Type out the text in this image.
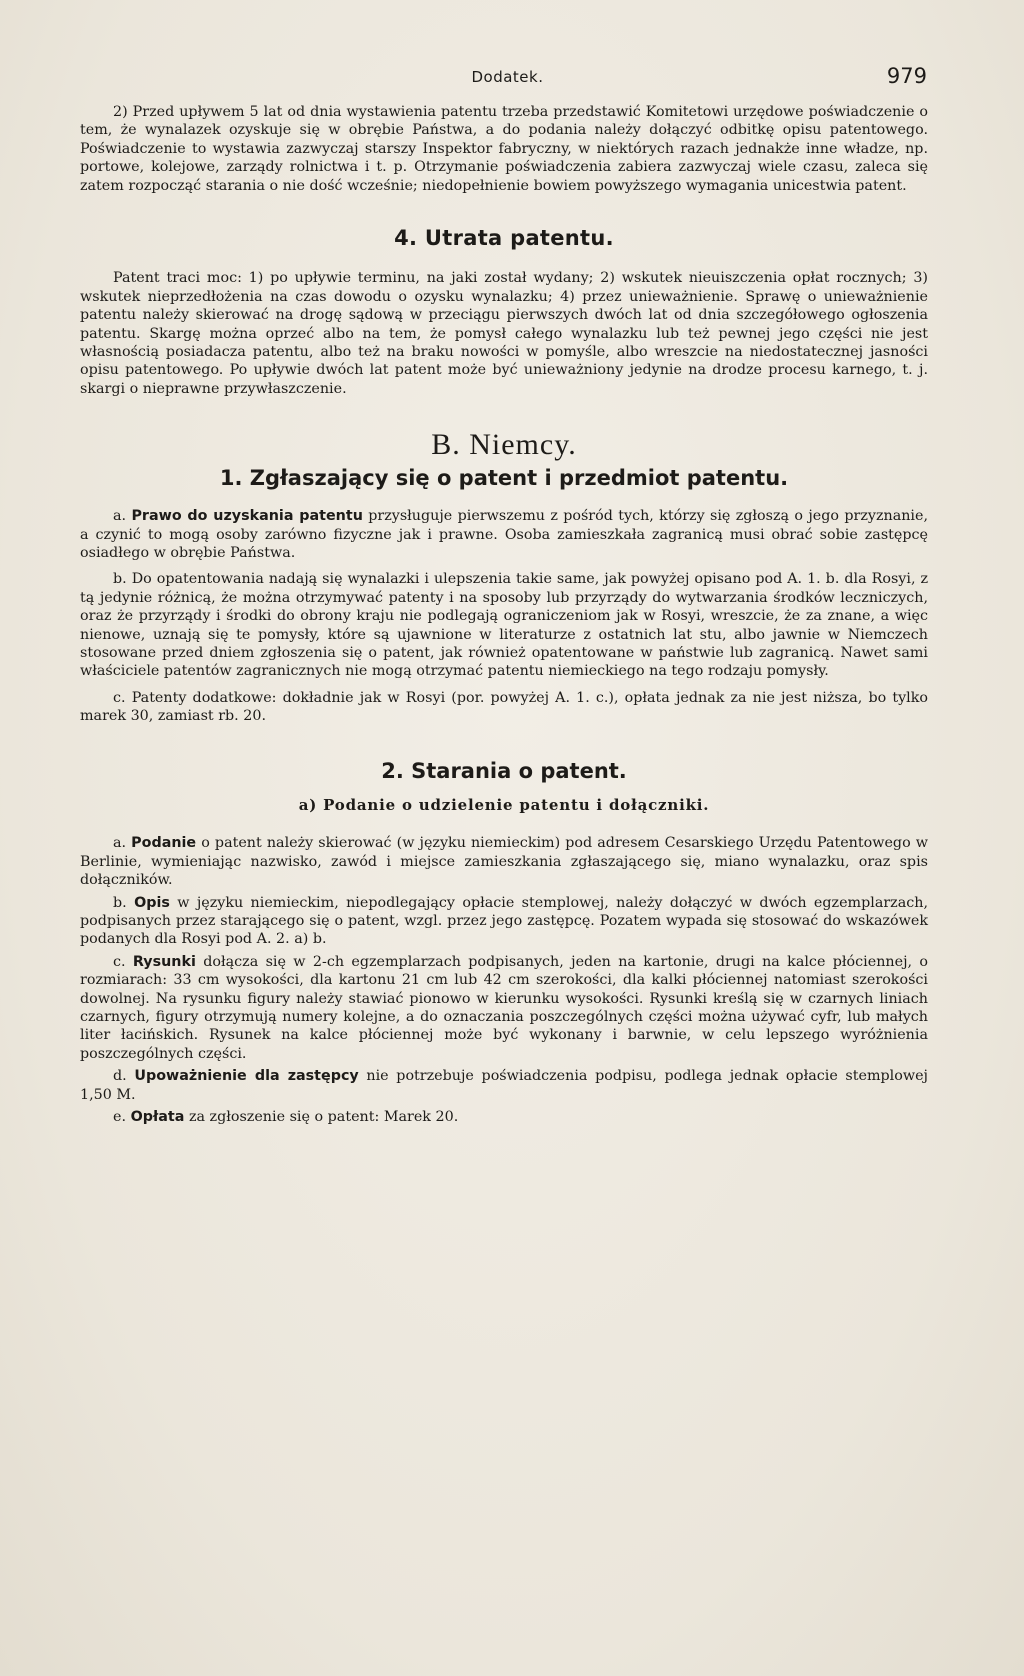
Dodatek.	979

2) Przed upływem 5 lat od dnia wystawienia patentu trzeba przedstawić Komitetowi urzędowe poświadczenie o tem, że wynalazek ozyskuje się w obrębie Państwa, a do podania należy dołączyć odbitkę opisu patentowego. Poświadczenie to wystawia zazwyczaj starszy Inspektor fabryczny, w niektórych razach jednakże inne władze, np. portowe, kolejowe, zarządy rolnictwa i t. p. Otrzymanie poświadczenia zabiera zazwyczaj wiele czasu, zaleca się zatem rozpocząć starania o nie dość wcześnie; niedopełnienie bowiem powyższego wymagania unicestwia patent.

4. Utrata patentu.

Patent traci moc: 1) po upływie terminu, na jaki został wydany; 2) wskutek nieuiszczenia opłat rocznych; 3) wskutek nieprzedłożenia na czas dowodu o ozysku wynalazku; 4) przez unieważnienie. Sprawę o unieważnienie patentu należy skierować na drogę sądową w przeciągu pierwszych dwóch lat od dnia szczegółowego ogłoszenia patentu. Skargę można oprzeć albo na tem, że pomysł całego wynalazku lub też pewnej jego części nie jest własnością posiadacza patentu, albo też na braku nowości w pomyśle, albo wreszcie na niedostatecznej jasności opisu patentowego. Po upływie dwóch lat patent może być unieważniony jedynie na drodze procesu karnego, t. j. skargi o nieprawne przywłaszczenie.

B. Niemcy.
1. Zgłaszający się o patent i przedmiot patentu.

a. Prawo do uzyskania patentu przysługuje pierwszemu z pośród tych, którzy się zgłoszą o jego przyznanie, a czynić to mogą osoby zarówno fizyczne jak i prawne. Osoba zamieszkała zagranicą musi obrać sobie zastępcę osiadłego w obrębie Państwa.

b. Do opatentowania nadają się wynalazki i ulepszenia takie same, jak powyżej opisano pod A. 1. b. dla Rosyi, z tą jedynie różnicą, że można otrzymywać patenty i na sposoby lub przyrządy do wytwarzania środków leczniczych, oraz że przyrządy i środki do obrony kraju nie podlegają ograniczeniom jak w Rosyi, wreszcie, że za znane, a więc nienowe, uznają się te pomysły, które są ujawnione w literaturze z ostatnich lat stu, albo jawnie w Niemczech stosowane przed dniem zgłoszenia się o patent, jak również opatentowane w państwie lub zagranicą. Nawet sami właściciele patentów zagranicznych nie mogą otrzymać patentu niemieckiego na tego rodzaju pomysły.

c. Patenty dodatkowe: dokładnie jak w Rosyi (por. powyżej A. 1. c.), opłata jednak za nie jest niższa, bo tylko marek 30, zamiast rb. 20.

2. Starania o patent.
a) Podanie o udzielenie patentu i dołączniki.

a. Podanie o patent należy skierować (w języku niemieckim) pod adresem Cesarskiego Urzędu Patentowego w Berlinie, wymieniając nazwisko, zawód i miejsce zamieszkania zgłaszającego się, miano wynalazku, oraz spis dołączników.

b. Opis w języku niemieckim, niepodlegający opłacie stemplowej, należy dołączyć w dwóch egzemplarzach, podpisanych przez starającego się o patent, wzgl. przez jego zastępcę. Pozatem wypada się stosować do wskazówek podanych dla Rosyi pod A. 2. a) b.

c. Rysunki dołącza się w 2-ch egzemplarzach podpisanych, jeden na kartonie, drugi na kalce płóciennej, o rozmiarach: 33 cm wysokości, dla kartonu 21 cm lub 42 cm szerokości, dla kalki płóciennej natomiast szerokości dowolnej. Na rysunku figury należy stawiać pionowo w kierunku wysokości. Rysunki kreślą się w czarnych liniach czarnych, figury otrzymują numery kolejne, a do oznaczania poszczególnych części można używać cyfr, lub małych liter łacińskich. Rysunek na kalce płóciennej może być wykonany i barwnie, w celu lepszego wyróżnienia poszczególnych części.

d. Upoważnienie dla zastępcy nie potrzebuje poświadczenia podpisu, podlega jednak opłacie stemplowej 1,50 M.

e. Opłata za zgłoszenie się o patent: Marek 20.
